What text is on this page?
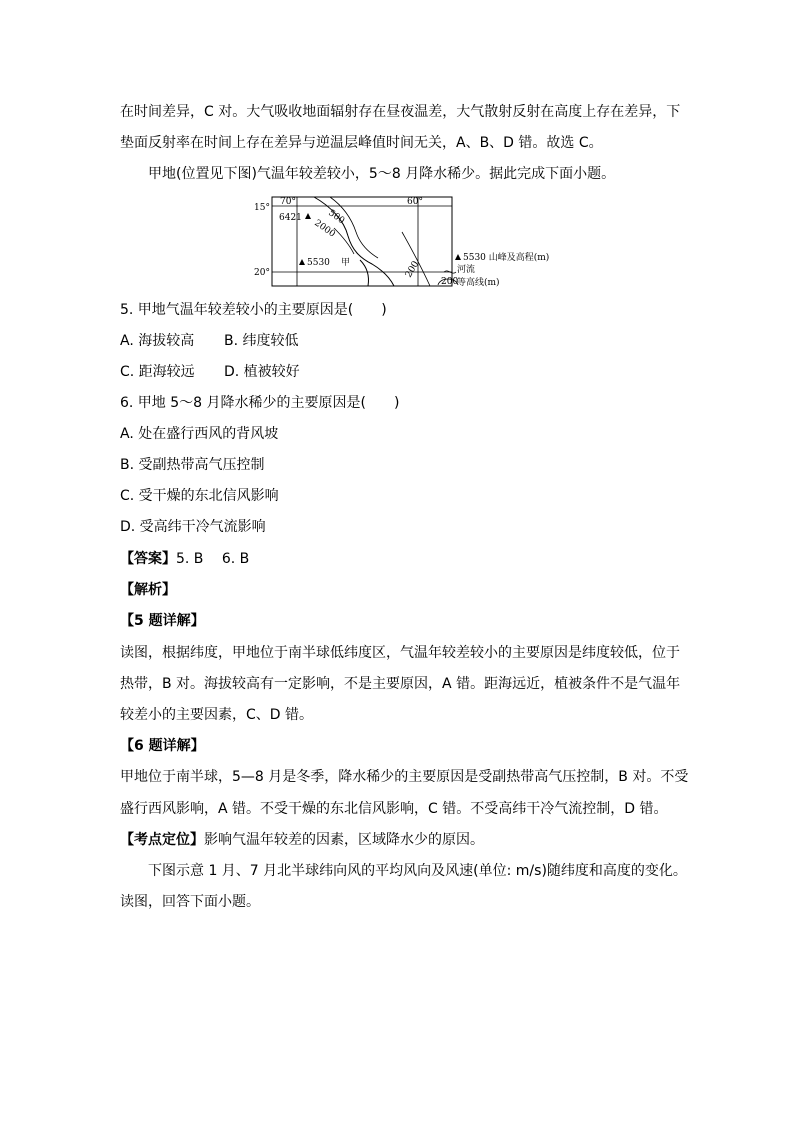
在时间差异，C 对。大气吸收地面辐射存在昼夜温差，大气散射反射在高度上存在差异，下
垫面反射率在时间上存在差异与逆温层峰值时间无关，A、B、D 错。故选 C。
甲地(位置见下图)气温年较差较小，5～8 月降水稀少。据此完成下面小题。
15°
20°
70°	60°
500
2000
200
6421
5530 甲	5530 山峰及高程(m)
河流
200
等高线(m)
5. 甲地气温年较差较小的主要原因是(　　)
A. 海拔较高 B. 纬度较低
C. 距海较远 D. 植被较好
6. 甲地 5～8 月降水稀少的主要原因是(　　)
A. 处在盛行西风的背风坡
B. 受副热带高气压控制
C. 受干燥的东北信风影响
D. 受高纬干冷气流影响
【答案】5. B　 6. B
【解析】
【5 题详解】
读图，根据纬度，甲地位于南半球低纬度区，气温年较差较小的主要原因是纬度较低，位于
热带，B 对。海拔较高有一定影响，不是主要原因，A 错。距海远近，植被条件不是气温年
较差小的主要因素，C、D 错。
【6 题详解】
甲地位于南半球，5—8 月是冬季，降水稀少的主要原因是受副热带高气压控制，B 对。不受
盛行西风影响，A 错。不受干燥的东北信风影响，C 错。不受高纬干冷气流控制，D 错。
【考点定位】影响气温年较差的因素，区域降水少的原因。
下图示意 1 月、7 月北半球纬向风的平均风向及风速(单位: m/s)随纬度和高度的变化。
读图，回答下面小题。
